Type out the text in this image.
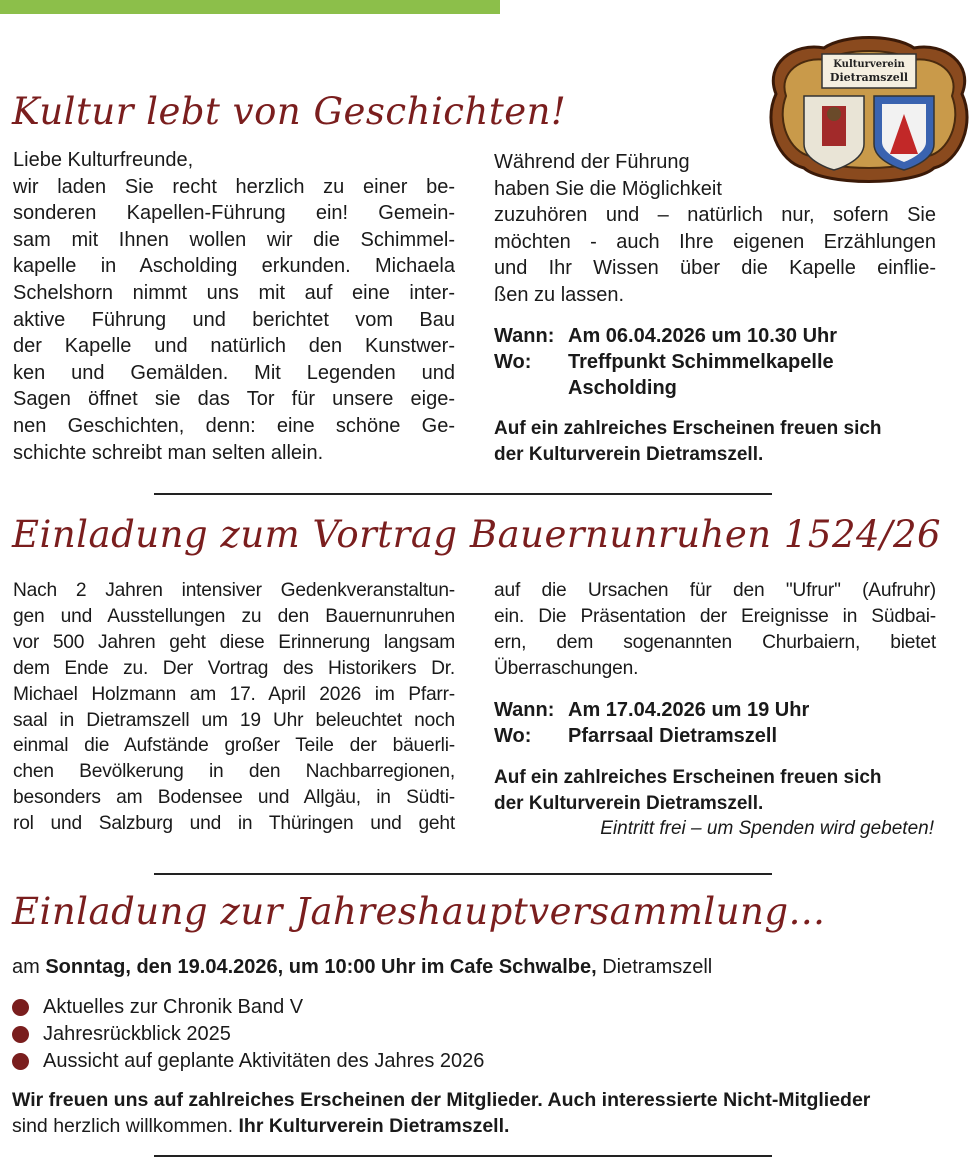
Kulturverein
Dietramszell
Kultur lebt von Geschichten!

Liebe Kulturfreunde,

wir laden Sie recht herzlich zu einer be-

sonderen Kapellen-Führung ein! Gemein-

sam mit Ihnen wollen wir die Schimmel-

kapelle in Ascholding erkunden. Michaela

Schelshorn nimmt uns mit auf eine inter-

aktive Führung und berichtet vom Bau

der Kapelle und natürlich den Kunstwer-

ken und Gemälden. Mit Legenden und

Sagen öffnet sie das Tor für unsere eige-

nen Geschichten, denn: eine schöne Ge-

schichte schreibt man selten allein.

Während der Führung

haben Sie die Möglichkeit

zuzuhören und – natürlich nur, sofern Sie

möchten - auch Ihre eigenen Erzählungen

und Ihr Wissen über die Kapelle einflie-

ßen zu lassen.

Wann: Am 06.04.2026 um 10.30 Uhr
Wo:	Treffpunkt Schimmelkapelle
Ascholding
Auf ein zahlreiches Erscheinen freuen sich
der Kulturverein Dietramszell.
Einladung zum Vortrag Bauernunruhen 1524/26

Nach 2 Jahren intensiver Gedenkveranstaltun-

gen und Ausstellungen zu den Bauernunruhen

vor 500 Jahren geht diese Erinnerung langsam

dem Ende zu. Der Vortrag des Historikers Dr.

Michael Holzmann am 17. April 2026 im Pfarr-

saal in Dietramszell um 19 Uhr beleuchtet noch

einmal die Aufstände großer Teile der bäuerli-

chen Bevölkerung in den Nachbarregionen,

besonders am Bodensee und Allgäu, in Südti-

rol und Salzburg und in Thüringen und geht

auf die Ursachen für den "Ufrur" (Aufruhr)

ein. Die Präsentation der Ereignisse in Südbai-

ern, dem sogenannten Churbaiern, bietet

Überraschungen.

Wann: Am 17.04.2026 um 19 Uhr
Wo:	Pfarrsaal Dietramszell
Auf ein zahlreiches Erscheinen freuen sich
der Kulturverein Dietramszell.
Eintritt frei – um Spenden wird gebeten!
Einladung zur Jahreshauptversammlung...
am Sonntag, den 19.04.2026, um 10:00 Uhr im Cafe Schwalbe, Dietramszell
Aktuelles zur Chronik Band V
Jahresrückblick 2025
Aussicht auf geplante Aktivitäten des Jahres 2026
Wir freuen uns auf zahlreiches Erscheinen der Mitglieder. Auch interessierte Nicht-Mitglieder
sind herzlich willkommen. Ihr Kulturverein Dietramszell.
